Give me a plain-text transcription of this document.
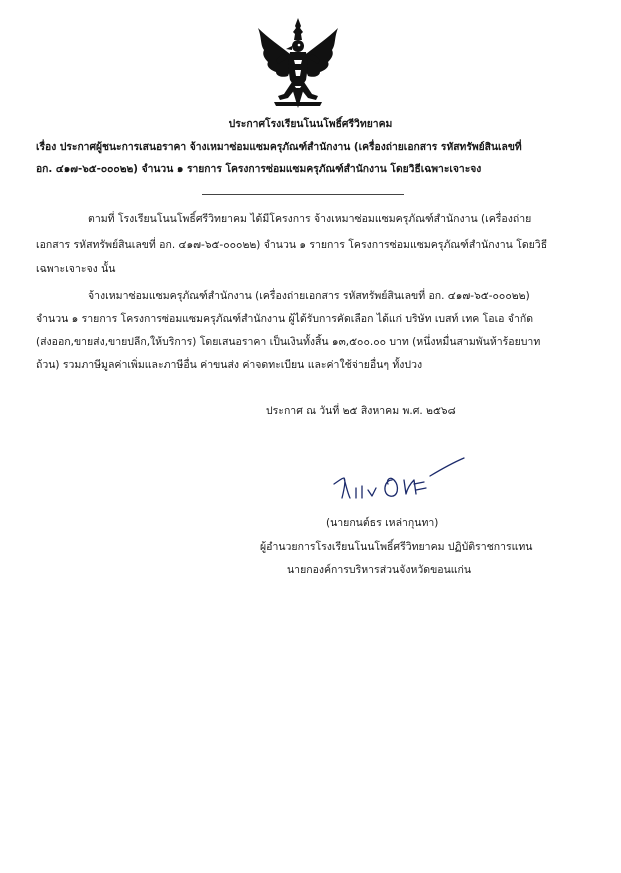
ประกาศโรงเรียนโนนโพธิ์ศรีวิทยาคม
เรื่อง ประกาศผู้ชนะการเสนอราคา จ้างเหมาซ่อมแซมครุภัณฑ์สำนักงาน (เครื่องถ่ายเอกสาร รหัสทรัพย์สินเลขที่
อก. ๔๑๗-๖๕-๐๐๐๒๒) จำนวน ๑ รายการ โครงการซ่อมแซมครุภัณฑ์สำนักงาน โดยวิธีเฉพาะเจาะจง
ตามที่ โรงเรียนโนนโพธิ์ศรีวิทยาคม ได้มีโครงการ จ้างเหมาซ่อมแซมครุภัณฑ์สำนักงาน (เครื่องถ่าย
เอกสาร รหัสทรัพย์สินเลขที่ อก. ๔๑๗-๖๕-๐๐๐๒๒) จำนวน ๑ รายการ โครงการซ่อมแซมครุภัณฑ์สำนักงาน โดยวิธี
เฉพาะเจาะจง นั้น
จ้างเหมาซ่อมแซมครุภัณฑ์สำนักงาน (เครื่องถ่ายเอกสาร รหัสทรัพย์สินเลขที่ อก. ๔๑๗-๖๕-๐๐๐๒๒)
จำนวน ๑ รายการ โครงการซ่อมแซมครุภัณฑ์สำนักงาน ผู้ได้รับการคัดเลือก ได้แก่ บริษัท เบสท์ เทค โอเอ จำกัด
(ส่งออก,ขายส่ง,ขายปลีก,ให้บริการ) โดยเสนอราคา เป็นเงินทั้งสิ้น ๑๓,๕๐๐.๐๐ บาท (หนึ่งหมื่นสามพันห้าร้อยบาท
ถ้วน) รวมภาษีมูลค่าเพิ่มและภาษีอื่น ค่าขนส่ง ค่าจดทะเบียน และค่าใช้จ่ายอื่นๆ ทั้งปวง
ประกาศ ณ วันที่ ๒๕ สิงหาคม พ.ศ. ๒๕๖๘
(นายกนต์ธร เหล่ากุนทา)
ผู้อำนวยการโรงเรียนโนนโพธิ์ศรีวิทยาคม ปฏิบัติราชการแทน
นายกองค์การบริหารส่วนจังหวัดขอนแก่น
